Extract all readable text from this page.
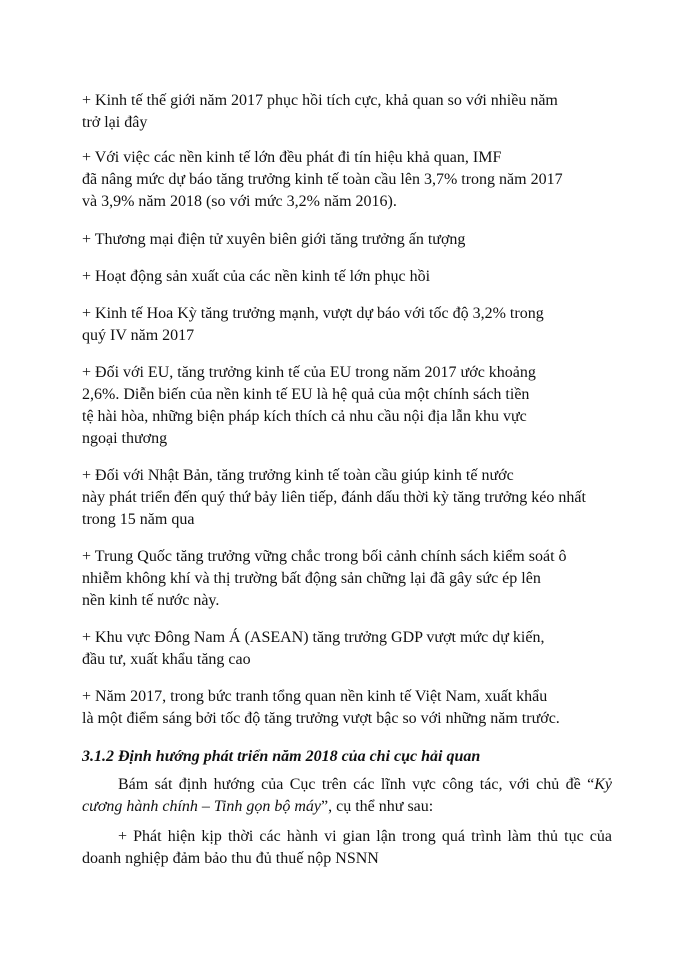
+ Kinh tế thế giới năm 2017 phục hồi tích cực, khả quan so với nhiều năm
trở lại đây
+ Với việc các nền kinh tế lớn đều phát đi tín hiệu khả quan, IMF
đã nâng mức dự báo tăng trưởng kinh tế toàn cầu lên 3,7% trong năm 2017
và 3,9% năm 2018 (so với mức 3,2% năm 2016).
+ Thương mại điện tử xuyên biên giới tăng trưởng ấn tượng
+ Hoạt động sản xuất của các nền kinh tế lớn phục hồi
+ Kinh tế Hoa Kỳ tăng trưởng mạnh, vượt dự báo với tốc độ 3,2% trong
quý IV năm 2017
+ Đối với EU, tăng trưởng kinh tế của EU trong năm 2017 ước khoảng
2,6%. Diễn biến của nền kinh tế EU là hệ quả của một chính sách tiền
tệ hài hòa, những biện pháp kích thích cả nhu cầu nội địa lẫn khu vực
ngoại thương
+ Đối với Nhật Bản, tăng trưởng kinh tế toàn cầu giúp kinh tế nước
này phát triển đến quý thứ bảy liên tiếp, đánh dấu thời kỳ tăng trưởng kéo nhất
trong 15 năm qua
+ Trung Quốc tăng trưởng vững chắc trong bối cảnh chính sách kiểm soát ô
nhiễm không khí và thị trường bất động sản chững lại đã gây sức ép lên
nền kinh tế nước này.
+ Khu vực Đông Nam Á (ASEAN) tăng trưởng GDP vượt mức dự kiến,
đầu tư, xuất khẩu tăng cao
+ Năm 2017, trong bức tranh tổng quan nền kinh tế Việt Nam, xuất khẩu
là một điểm sáng bởi tốc độ tăng trưởng vượt bậc so với những năm trước.
3.1.2 Định hướng phát triển năm 2018 của chi cục hải quan
Bám sát định hướng của Cục trên các lĩnh vực công tác, với chủ đề “Kỷ
cương hành chính – Tinh gọn bộ máy”, cụ thể như sau:
+ Phát hiện kịp thời các hành vi gian lận trong quá trình làm thủ tục của
doanh nghiệp đảm bảo thu đủ thuế nộp NSNN
